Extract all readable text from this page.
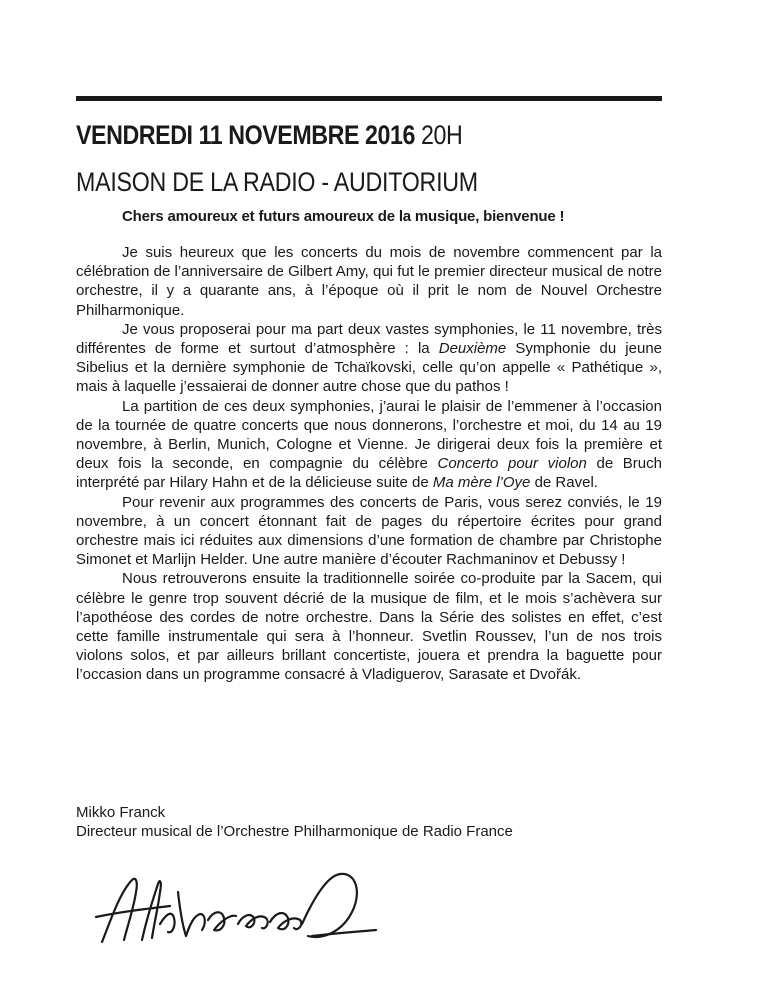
VENDREDI 11 NOVEMBRE 2016 20H
MAISON DE LA RADIO - AUDITORIUM
Chers amoureux et futurs amoureux de la musique, bienvenue !

Je suis heureux que les concerts du mois de novembre commencent par la célébration de l’anniversaire de Gilbert Amy, qui fut le premier directeur musical de notre orchestre, il y a quarante ans, à l’époque où il prit le nom de Nouvel Orchestre Philharmonique.

Je vous proposerai pour ma part deux vastes symphonies, le 11 novembre, très différentes de forme et surtout d’atmosphère : la Deuxième Symphonie du jeune Sibelius et la dernière symphonie de Tchaïkovski, celle qu’on appelle « Pathétique », mais à laquelle j’essaierai de donner autre chose que du pathos !

La partition de ces deux symphonies, j’aurai le plaisir de l’emmener à l’occasion de la tournée de quatre concerts que nous donnerons, l’orchestre et moi, du 14 au 19 novembre, à Berlin, Munich, Cologne et Vienne. Je dirigerai deux fois la première et deux fois la seconde, en compagnie du célèbre Concerto pour violon de Bruch interprété par Hilary Hahn et de la délicieuse suite de Ma mère l’Oye de Ravel.

Pour revenir aux programmes des concerts de Paris, vous serez conviés, le 19 novembre, à un concert étonnant fait de pages du répertoire écrites pour grand orchestre mais ici réduites aux dimensions d’une formation de chambre par Christophe Simonet et Marlijn Helder. Une autre manière d’écouter Rachmaninov et Debussy !

Nous retrouverons ensuite la traditionnelle soirée co-produite par la Sacem, qui célèbre le genre trop souvent décrié de la musique de film, et le mois s’achèvera sur l’apothéose des cordes de notre orchestre. Dans la Série des solistes en effet, c’est cette famille instrumentale qui sera à l’honneur. Svetlin Roussev, l’un de nos trois violons solos, et par ailleurs brillant concertiste, jouera et prendra la baguette pour l’occasion dans un programme consacré à Vladiguerov, Sarasate et Dvořák.

Mikko Franck
Directeur musical de l’Orchestre Philharmonique de Radio France
